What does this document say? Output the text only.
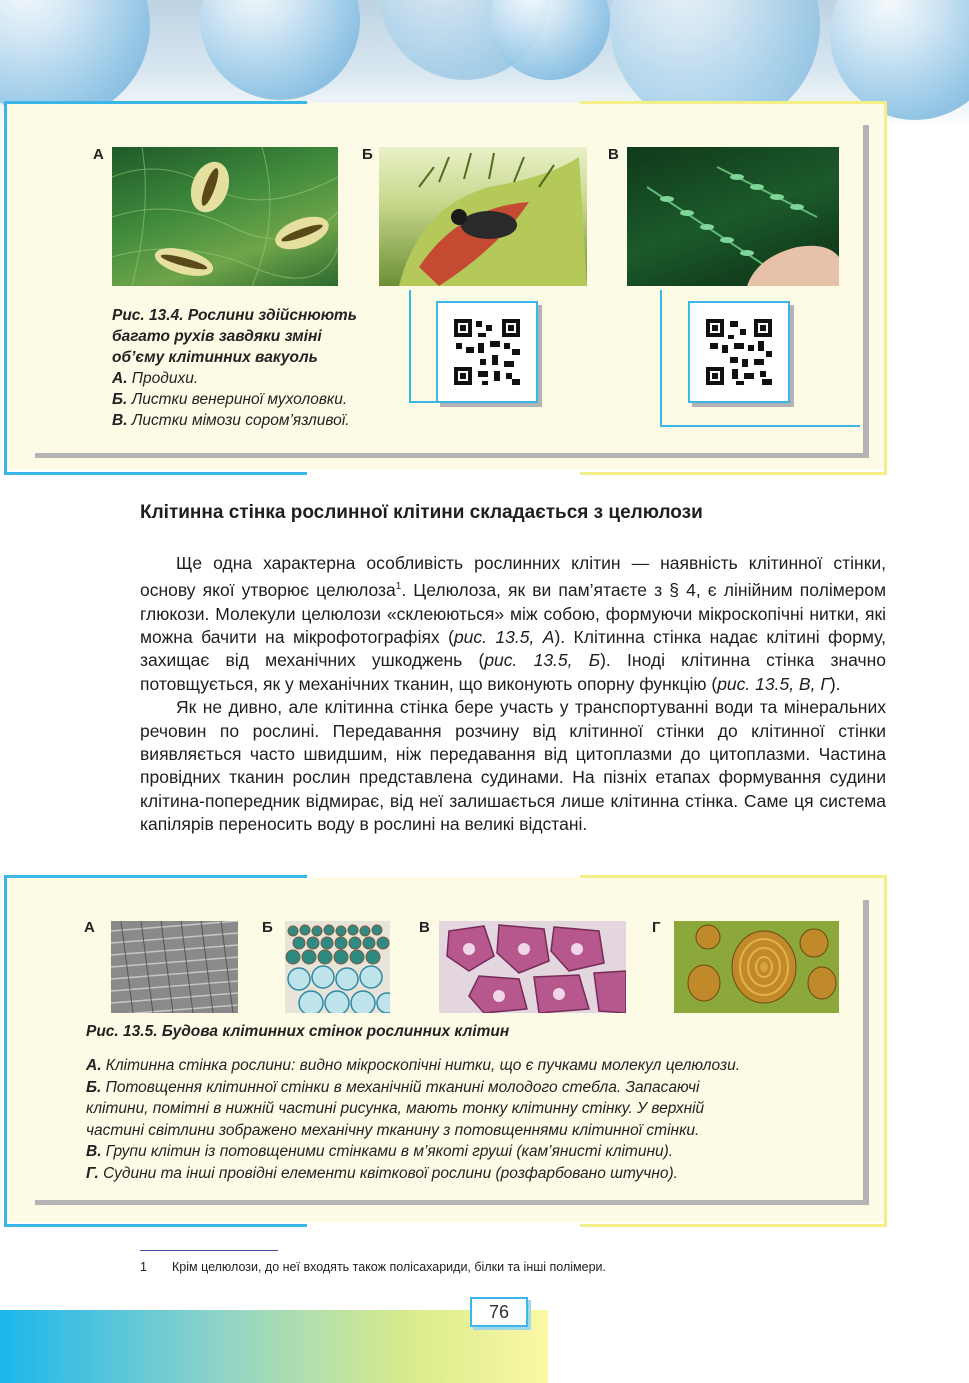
А	Б	В
Рис. 13.4. Рослини здійснюють
багато рухів завдяки зміні
об’єму клітинних вакуоль
А. Продихи.
Б. Листки венериної мухоловки.
В. Листки мімози сором’язливої.
Клітинна стінка рослинної клітини складається з целюлози

Ще одна характерна особливість рослинних клітин — наявність клітинної стінки, основу якої утворює целюлоза$^1$. Целюлоза, як ви пам’ятаєте з § 4, є лінійним полімером глюкози. Молекули целюлози «склеюються» між собою, формуючи мікроскопічні нитки, які можна бачити на мікрофотографіях (рис. 13.5, А). Клітинна стінка надає клітині форму, захищає від механічних ушкоджень (рис. 13.5, Б). Іноді клітинна стінка значно потовщується, як у механічних тканин, що виконують опорну функцію (рис. 13.5, В, Г).

Як не дивно, але клітинна стінка бере участь у транспортуванні води та мінеральних речовин по рослині. Передавання розчину від клітинної стінки до клітинної стінки виявляється часто швидшим, ніж передавання від цитоплазми до цитоплазми. Частина провідних тканин рослин представлена судинами. На пізніх етапах формування судини клітина-попередник відмирає, від неї залишається лише клітинна стінка. Саме ця система капілярів переносить воду в рослині на великі відстані.

А	Б	В	Г
Рис. 13.5. Будова клітинних стінок рослинних клітин
А. Клітинна стінка рослини: видно мікроскопічні нитки, що є пучками молекул целюлози.
Б. Потовщення клітинної стінки в механічній тканині молодого стебла. Запасаючі
клітини, помітні в нижній частині рисунка, мають тонку клітинну стінку. У верхній
частині світлини зображено механічну тканину з потовщеннями клітинної стінки.
В. Групи клітин із потовщеними стінками в м’якоті груші (кам’янисті клітини).
Г. Судини та інші провідні елементи квіткової рослини (розфарбовано штучно).
1 Крім целюлози, до неї входять також полісахариди, білки та інші полімери.
76
